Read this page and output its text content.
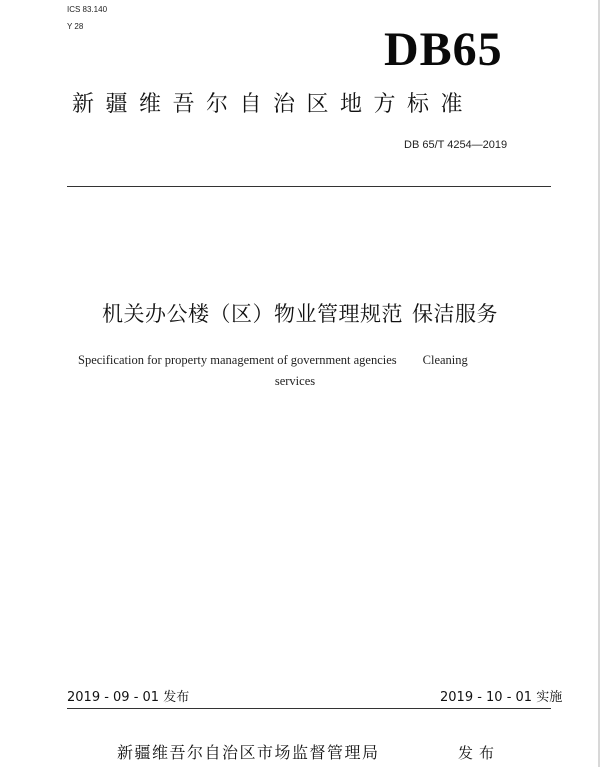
ICS 83.140
Y 28	DB65
新疆维吾尔自治区地方标准
DB 65/T 4254—2019
机关办公楼（区）物业管理规范 保洁服务
Specification for property management of government agencies Cleaning
services
2019 - 09 - 01 发布	2019 - 10 - 01 实施
新疆维吾尔自治区市场监督管理局	发布
